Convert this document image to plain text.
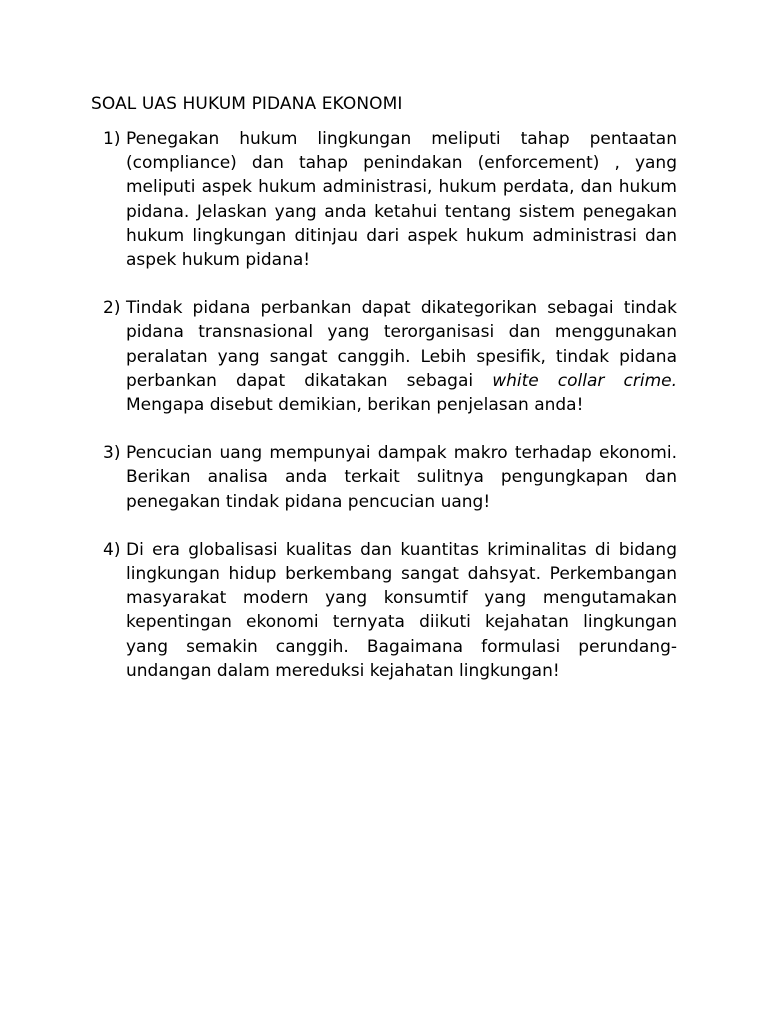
SOAL UAS HUKUM PIDANA EKONOMI
1) Penegakan hukum lingkungan meliputi tahap pentaatan (compliance) dan tahap penindakan (enforcement) , yang meliputi aspek hukum administrasi, hukum perdata, dan hukum pidana. Jelaskan yang anda ketahui tentang sistem penegakan hukum lingkungan ditinjau dari aspek hukum administrasi dan aspek hukum pidana!
2) Tindak pidana perbankan dapat dikategorikan sebagai tindak pidana transnasional yang terorganisasi dan menggunakan peralatan yang sangat canggih. Lebih spesifik, tindak pidana perbankan dapat dikatakan sebagai white collar crime. Mengapa disebut demikian, berikan penjelasan anda!
3) Pencucian uang mempunyai dampak makro terhadap ekonomi. Berikan analisa anda terkait sulitnya pengungkapan dan penegakan tindak pidana pencucian uang!
4) Di era globalisasi kualitas dan kuantitas kriminalitas di bidang lingkungan hidup berkembang sangat dahsyat. Perkembangan masyarakat modern yang konsumtif yang mengutamakan kepentingan ekonomi ternyata diikuti kejahatan lingkungan yang semakin canggih. Bagaimana formulasi perundang-undangan dalam mereduksi kejahatan lingkungan!
